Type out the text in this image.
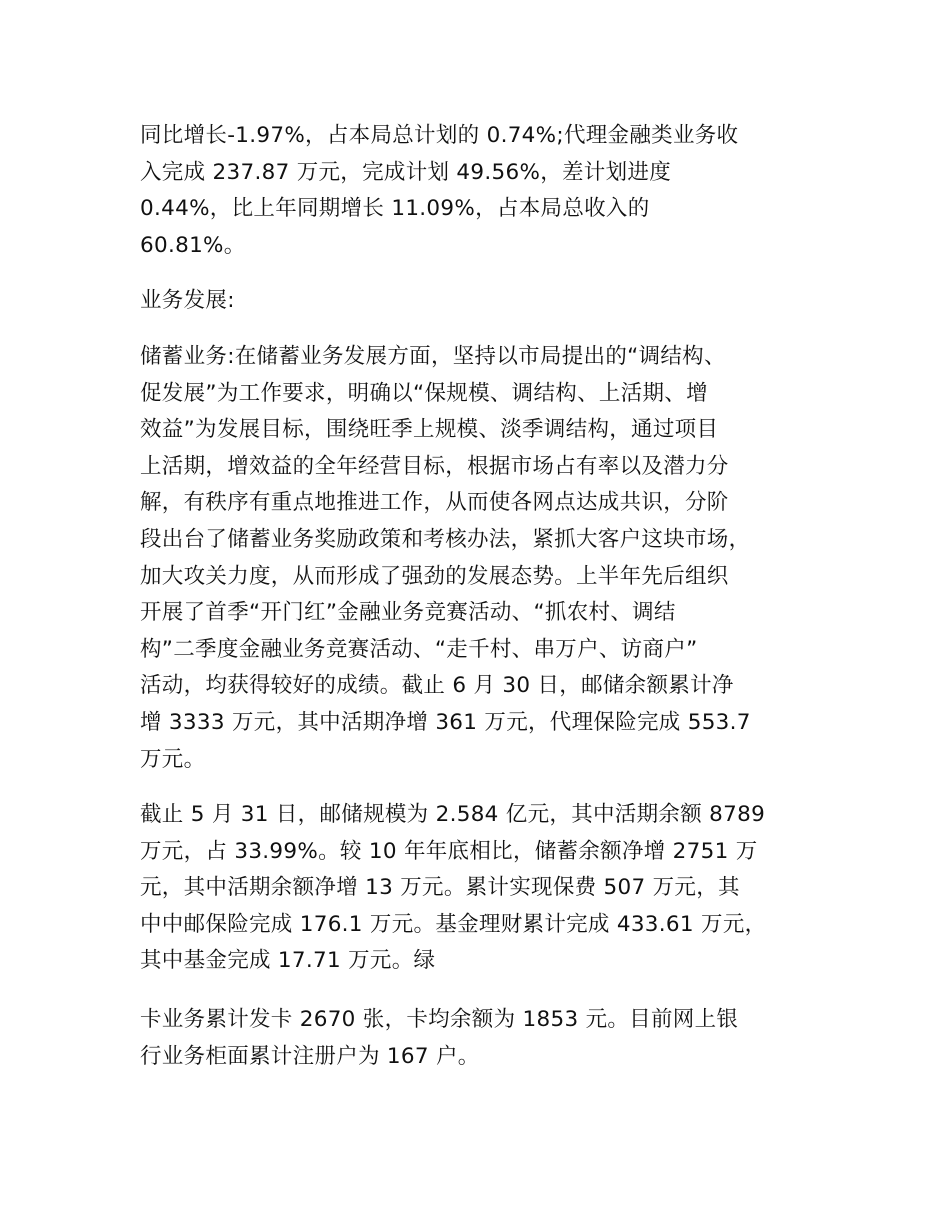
同比增长-1.97%，占本局总计划的 0.74%;代理金融类业务收
入完成 237.87 万元，完成计划 49.56%，差计划进度
0.44%，比上年同期增长 11.09%，占本局总收入的
60.81%。

业务发展:

储蓄业务:在储蓄业务发展方面，坚持以市局提出的“调结构、
促发展”为工作要求，明确以“保规模、调结构、上活期、增
效益”为发展目标，围绕旺季上规模、淡季调结构，通过项目
上活期，增效益的全年经营目标，根据市场占有率以及潜力分
解，有秩序有重点地推进工作，从而使各网点达成共识，分阶
段出台了储蓄业务奖励政策和考核办法，紧抓大客户这块市场，
加大攻关力度，从而形成了强劲的发展态势。上半年先后组织
开展了首季“开门红”金融业务竞赛活动、“抓农村、调结
构”二季度金融业务竞赛活动、“走千村、串万户、访商户”
活动，均获得较好的成绩。截止 6 月 30 日，邮储余额累计净
增 3333 万元，其中活期净增 361 万元，代理保险完成 553.7
万元。

截止 5 月 31 日，邮储规模为 2.584 亿元，其中活期余额 8789
万元，占 33.99%。较 10 年年底相比，储蓄余额净增 2751 万
元，其中活期余额净增 13 万元。累计实现保费 507 万元，其
中中邮保险完成 176.1 万元。基金理财累计完成 433.61 万元，
其中基金完成 17.71 万元。绿

卡业务累计发卡 2670 张，卡均余额为 1853 元。目前网上银
行业务柜面累计注册户为 167 户。
